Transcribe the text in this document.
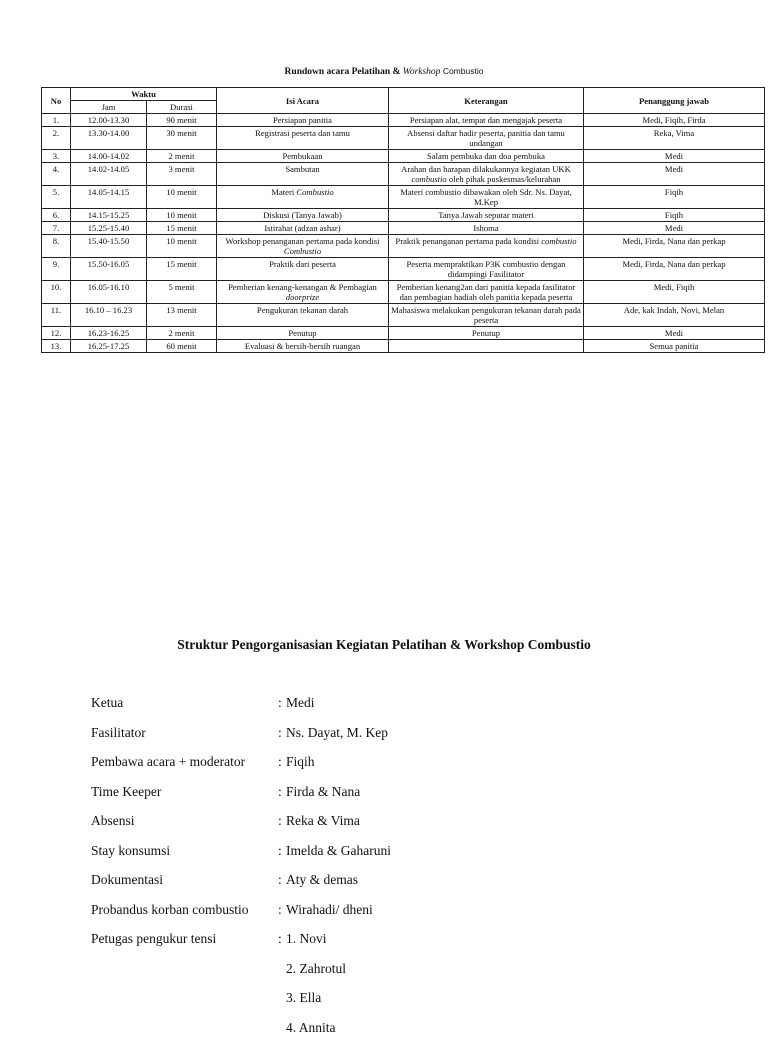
Rundown acara Pelatihan & Workshop Combustio
No	Waktu		Isi Acara	Keterangan	Penanggung jawab
	Jam	Durasi			
1.	12.00-13.30	90 menit	Persiapan panitia	Persiapan alat, tempat dan mengajak peserta	Medi, Fiqih, Firda
2.	13.30-14.00	30 menit	Registrasi peserta dan tamu	Absensi daftar hadir peserta, panitia dan tamu undangan	Reka, Vima
3.	14.00-14.02	2 menit	Pembukaan	Salam pembuka dan doa pembuka	Medi
4.	14.02-14.05	3 menit	Sambutan	Arahan dan harapan dilakukannya kegiatan UKK combustio oleh pihak puskesmas/kelurahan	Medi
5.	14.05-14.15	10 menit	Materi Combustio	Materi combustio dibawakan oleh Sdr. Ns. Dayat, M.Kep	Fiqih
6.	14.15-15.25	10 menit	Diskusi (Tanya Jawab)	Tanya Jawab seputar materi	Fiqih
7.	15.25-15.40	15 menit	Istirahat (adzan ashar)	Ishoma	Medi
8.	15.40-15.50	10 menit	Workshop penanganan pertama pada kondisi Combustio	Praktik penanganan pertama pada kondisi combustio	Medi, Firda, Nana dan perkap
9.	15.50-16.05	15 menit	Praktik dari peserta	Peserta mempraktikan P3K combustio dengan didampingi Fasilitator	Medi, Firda, Nana dan perkap
10.	16.05-16.10	5 menit	Pemberian kenang-kenangan & Pembagian doorprize	Pemberian kenang2an dari panitia kepada fasilitator dan pembagian hadiah oleh panitia kepada peserta	Medi, Fiqih
11.	16.10 – 16.23	13 menit	Pengukuran tekanan darah	Mahasiswa melakukan pengukuran tekanan darah pada peserta	Ade, kak Indah, Novi, Melan
12.	16.23-16.25	2 menit	Penutup	Penutup	Medi
13.	16.25-17.25	60 menit	Evaluasi & bersih-bersih ruangan		Semua panitia
Struktur Pengorganisasian Kegiatan Pelatihan & Workshop Combustio
Ketua	: Medi
Fasilitator	: Ns. Dayat, M. Kep
Pembawa acara + moderator	: Fiqih
Time Keeper	: Firda & Nana
Absensi	: Reka & Vima
Stay konsumsi	: Imelda & Gaharuni
Dokumentasi	: Aty & demas
Probandus korban combustio	: Wirahadi/ dheni
Petugas pengukur tensi	: 1. Novi
2. Zahrotul
3. Ella
4. Annita
